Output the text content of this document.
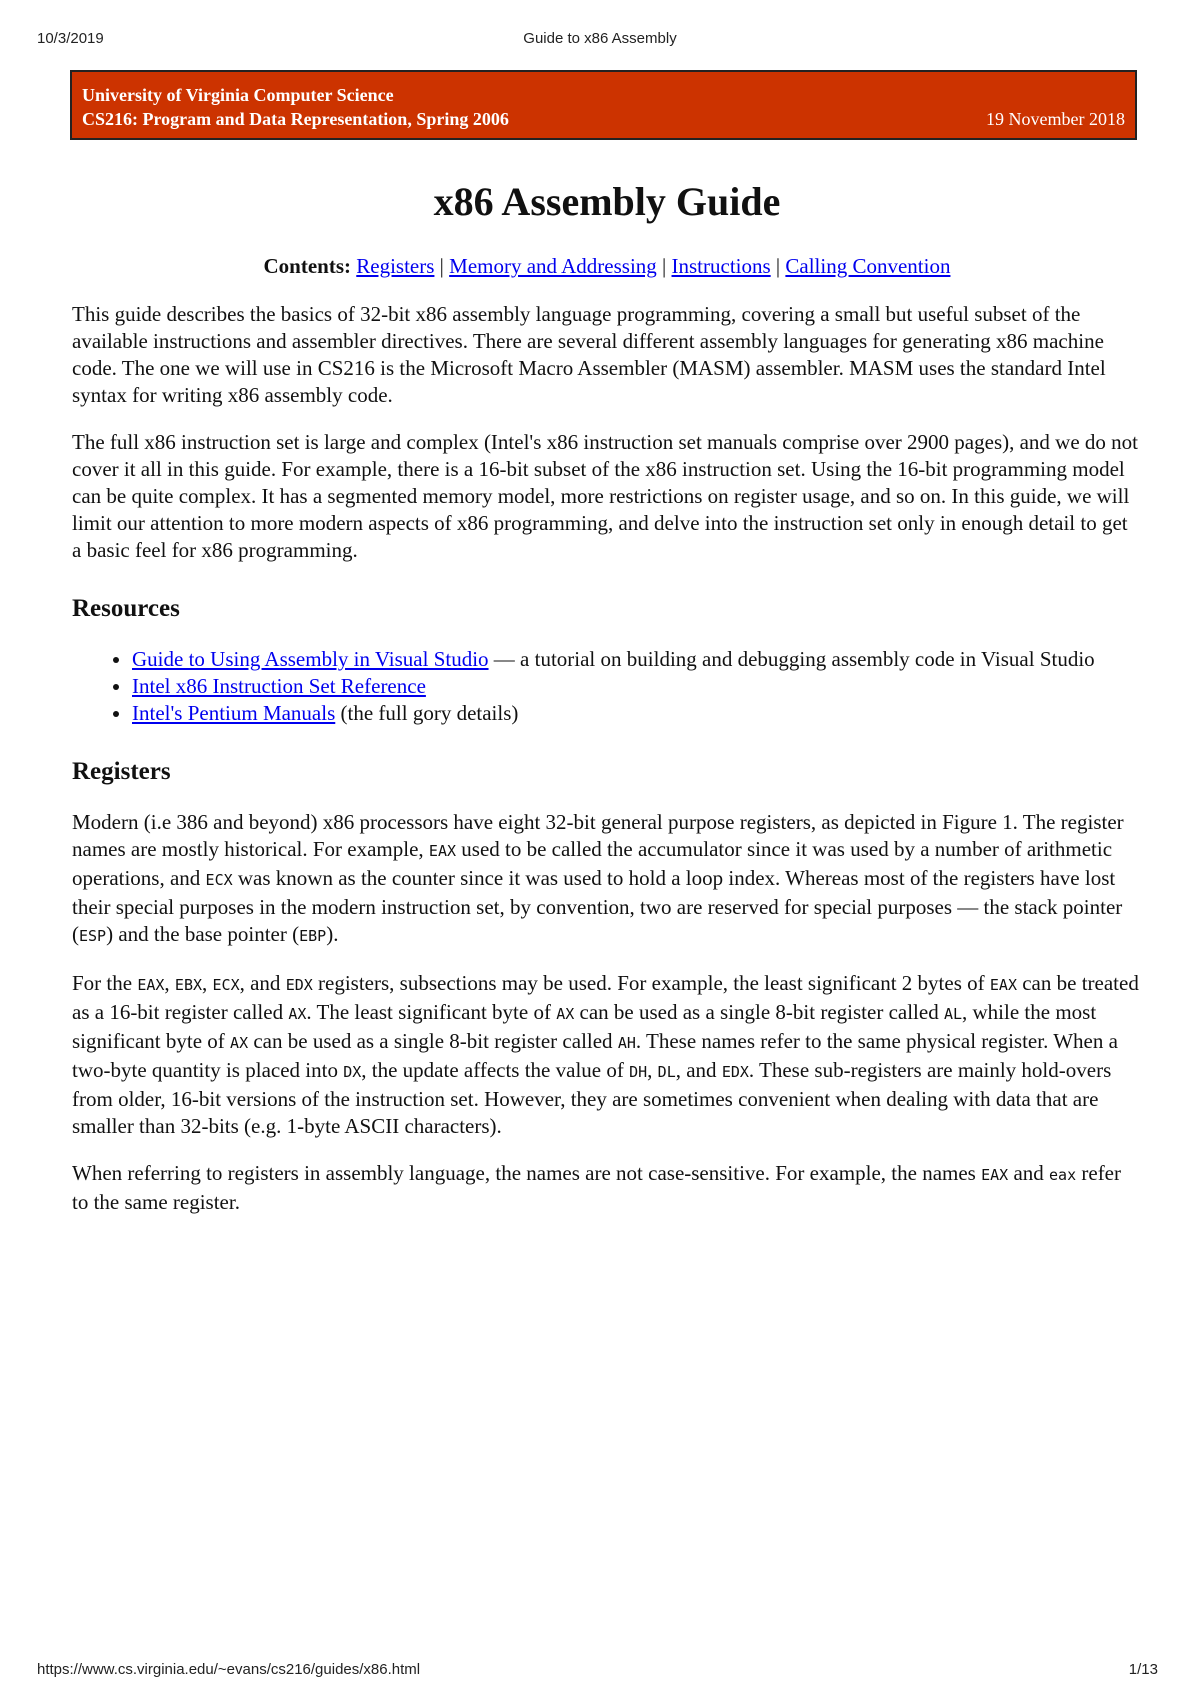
10/3/2019	Guide to x86 Assembly
University of Virginia Computer Science
CS216: Program and Data Representation, Spring 2006	19 November 2018
x86 Assembly Guide
Contents: Registers | Memory and Addressing | Instructions | Calling Convention

This guide describes the basics of 32-bit x86 assembly language programming, covering a small but useful subset of the available instructions and assembler directives. There are several different assembly languages for generating x86 machine code. The one we will use in CS216 is the Microsoft Macro Assembler (MASM) assembler. MASM uses the standard Intel syntax for writing x86 assembly code.

The full x86 instruction set is large and complex (Intel's x86 instruction set manuals comprise over 2900 pages), and we do not cover it all in this guide. For example, there is a 16-bit subset of the x86 instruction set. Using the 16-bit programming model can be quite complex. It has a segmented memory model, more restrictions on register usage, and so on. In this guide, we will limit our attention to more modern aspects of x86 programming, and delve into the instruction set only in enough detail to get a basic feel for x86 programming.

Resources
• Guide to Using Assembly in Visual Studio — a tutorial on building and debugging assembly code in Visual Studio
• Intel x86 Instruction Set Reference
• Intel's Pentium Manuals (the full gory details)
Registers

Modern (i.e 386 and beyond) x86 processors have eight 32-bit general purpose registers, as depicted in Figure 1. The register names are mostly historical. For example, EAX used to be called the accumulator since it was used by a number of arithmetic operations, and ECX was known as the counter since it was used to hold a loop index. Whereas most of the registers have lost their special purposes in the modern instruction set, by convention, two are reserved for special purposes — the stack pointer (ESP) and the base pointer (EBP).

For the EAX, EBX, ECX, and EDX registers, subsections may be used. For example, the least significant 2 bytes of EAX can be treated as a 16-bit register called AX. The least significant byte of AX can be used as a single 8-bit register called AL, while the most significant byte of AX can be used as a single 8-bit register called AH. These names refer to the same physical register. When a two-byte quantity is placed into DX, the update affects the value of DH, DL, and EDX. These sub-registers are mainly hold-overs from older, 16-bit versions of the instruction set. However, they are sometimes convenient when dealing with data that are smaller than 32-bits (e.g. 1-byte ASCII characters).

When referring to registers in assembly language, the names are not case-sensitive. For example, the names EAX and eax refer to the same register.

https://www.cs.virginia.edu/~evans/cs216/guides/x86.html	1/13
